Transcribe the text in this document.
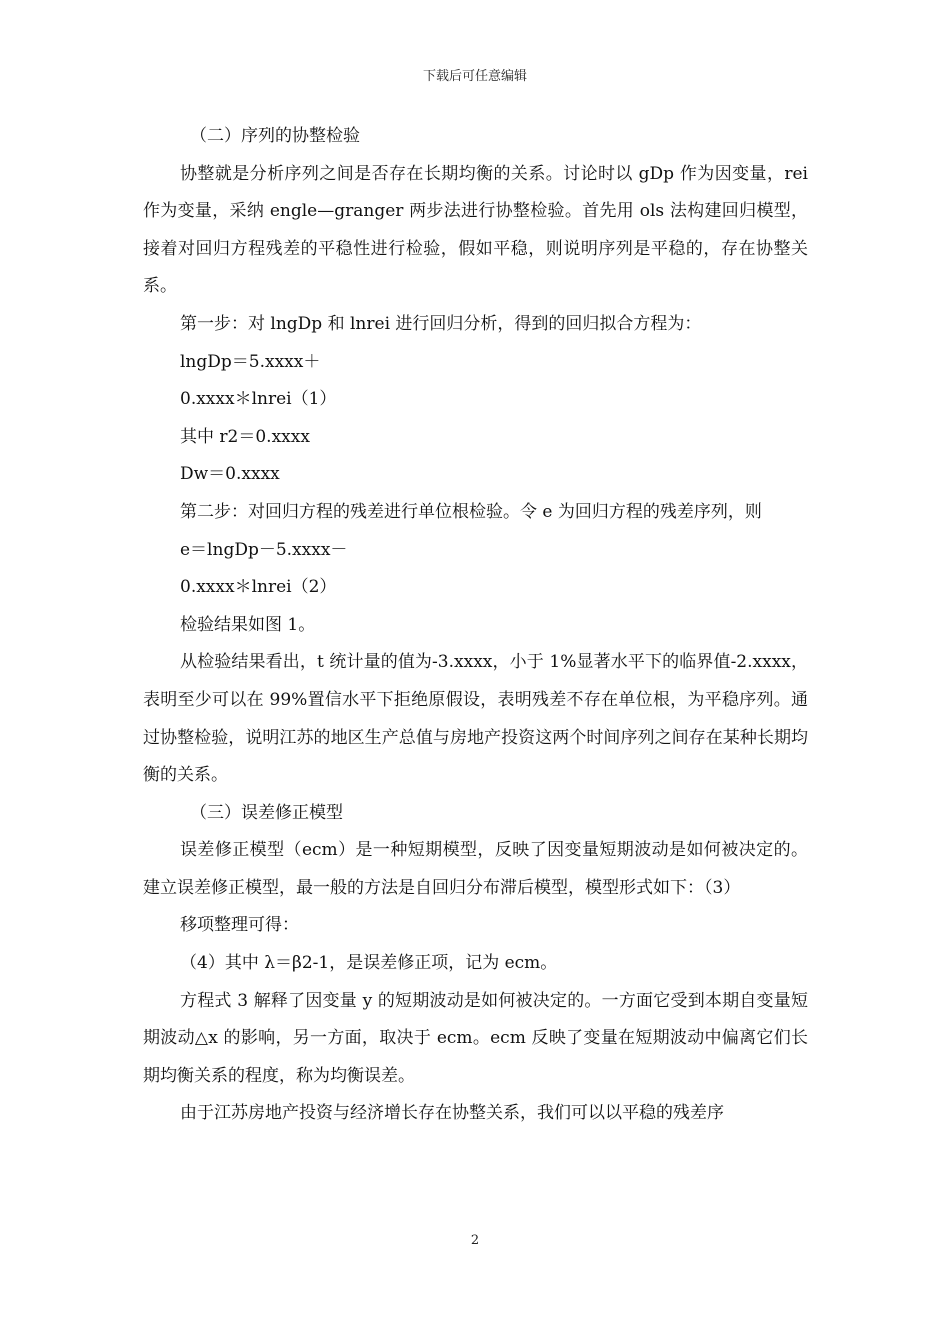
下载后可任意编辑
（二）序列的协整检验
协整就是分析序列之间是否存在长期均衡的关系。讨论时以 gDp 作为因变量，rei 作为变量，采纳 engle—granger 两步法进行协整检验。首先用 ols 法构建回归模型，接着对回归方程残差的平稳性进行检验，假如平稳，则说明序列是平稳的，存在协整关系。
第一步：对 lngDp 和 lnrei 进行回归分析，得到的回归拟合方程为：
lngDp＝5.xxxx＋
0.xxxx＊lnrei（1）
其中 r2＝0.xxxx
Dw＝0.xxxx
第二步：对回归方程的残差进行单位根检验。令 e 为回归方程的残差序列，则
e＝lngDp－5.xxxx－
0.xxxx＊lnrei（2）
检验结果如图 1。
从检验结果看出，t 统计量的值为-3.xxxx，小于 1%显著水平下的临界值-2.xxxx，表明至少可以在 99%置信水平下拒绝原假设，表明残差不存在单位根，为平稳序列。通过协整检验，说明江苏的地区生产总值与房地产投资这两个时间序列之间存在某种长期均衡的关系。
（三）误差修正模型
误差修正模型（ecm）是一种短期模型，反映了因变量短期波动是如何被决定的。建立误差修正模型，最一般的方法是自回归分布滞后模型，模型形式如下：（3）
移项整理可得：
（4）其中 λ＝β2-1，是误差修正项，记为 ecm。
方程式 3 解释了因变量 y 的短期波动是如何被决定的。一方面它受到本期自变量短期波动△x 的影响，另一方面，取决于 ecm。ecm 反映了变量在短期波动中偏离它们长期均衡关系的程度，称为均衡误差。
由于江苏房地产投资与经济增长存在协整关系，我们可以以平稳的残差序
2
